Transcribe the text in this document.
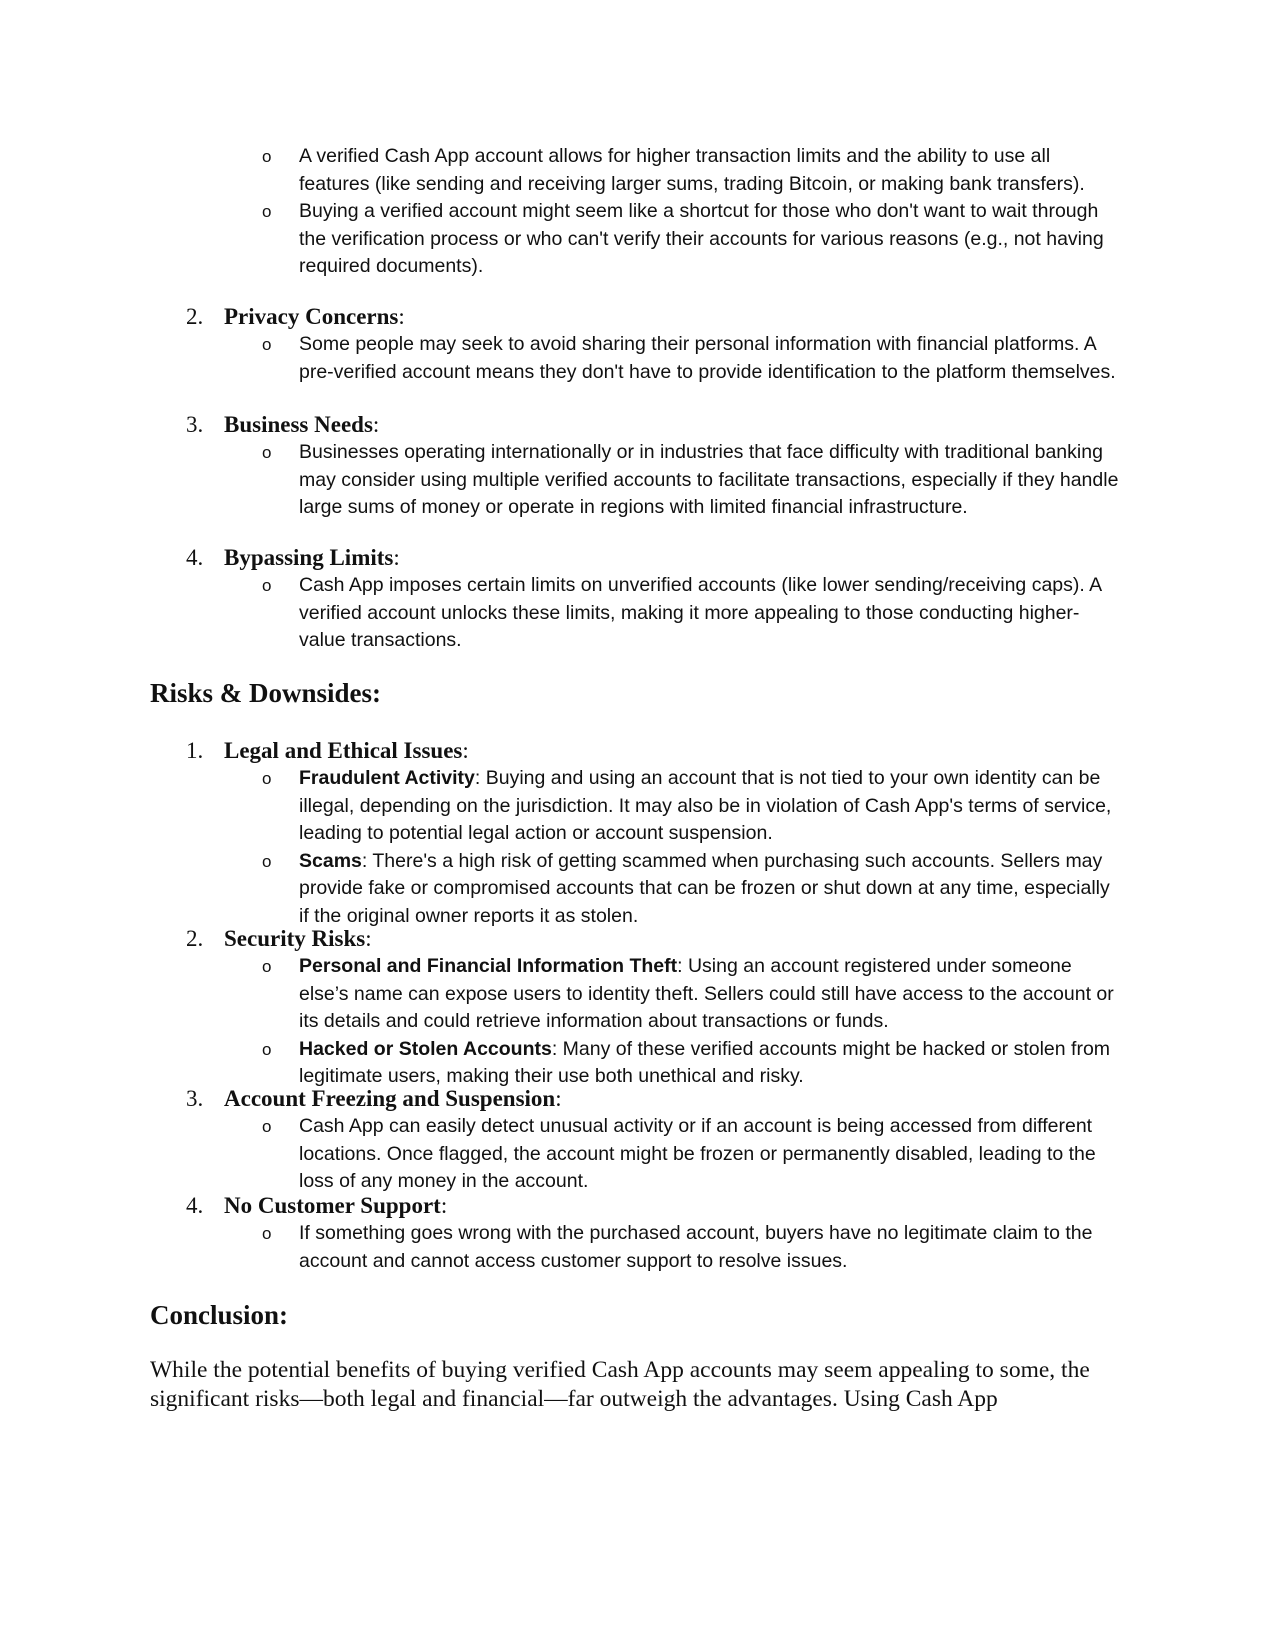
o A verified Cash App account allows for higher transaction limits and the ability to use all features (like sending and receiving larger sums, trading Bitcoin, or making bank transfers).
o Buying a verified account might seem like a shortcut for those who don't want to wait through the verification process or who can't verify their accounts for various reasons (e.g., not having required documents).
2. Privacy Concerns:
o Some people may seek to avoid sharing their personal information with financial platforms. A pre-verified account means they don't have to provide identification to the platform themselves.
3. Business Needs:
o Businesses operating internationally or in industries that face difficulty with traditional banking may consider using multiple verified accounts to facilitate transactions, especially if they handle large sums of money or operate in regions with limited financial infrastructure.
4. Bypassing Limits:
o Cash App imposes certain limits on unverified accounts (like lower sending/receiving caps). A verified account unlocks these limits, making it more appealing to those conducting higher-value transactions.
Risks & Downsides:
1. Legal and Ethical Issues:
o Fraudulent Activity: Buying and using an account that is not tied to your own identity can be illegal, depending on the jurisdiction. It may also be in violation of Cash App's terms of service, leading to potential legal action or account suspension.
o Scams: There's a high risk of getting scammed when purchasing such accounts. Sellers may provide fake or compromised accounts that can be frozen or shut down at any time, especially if the original owner reports it as stolen.
2. Security Risks:
o Personal and Financial Information Theft: Using an account registered under someone else’s name can expose users to identity theft. Sellers could still have access to the account or its details and could retrieve information about transactions or funds.
o Hacked or Stolen Accounts: Many of these verified accounts might be hacked or stolen from legitimate users, making their use both unethical and risky.
3. Account Freezing and Suspension:
o Cash App can easily detect unusual activity or if an account is being accessed from different locations. Once flagged, the account might be frozen or permanently disabled, leading to the loss of any money in the account.
4. No Customer Support:
o If something goes wrong with the purchased account, buyers have no legitimate claim to the account and cannot access customer support to resolve issues.
Conclusion:
While the potential benefits of buying verified Cash App accounts may seem appealing to some, the significant risks—both legal and financial—far outweigh the advantages. Using Cash App
